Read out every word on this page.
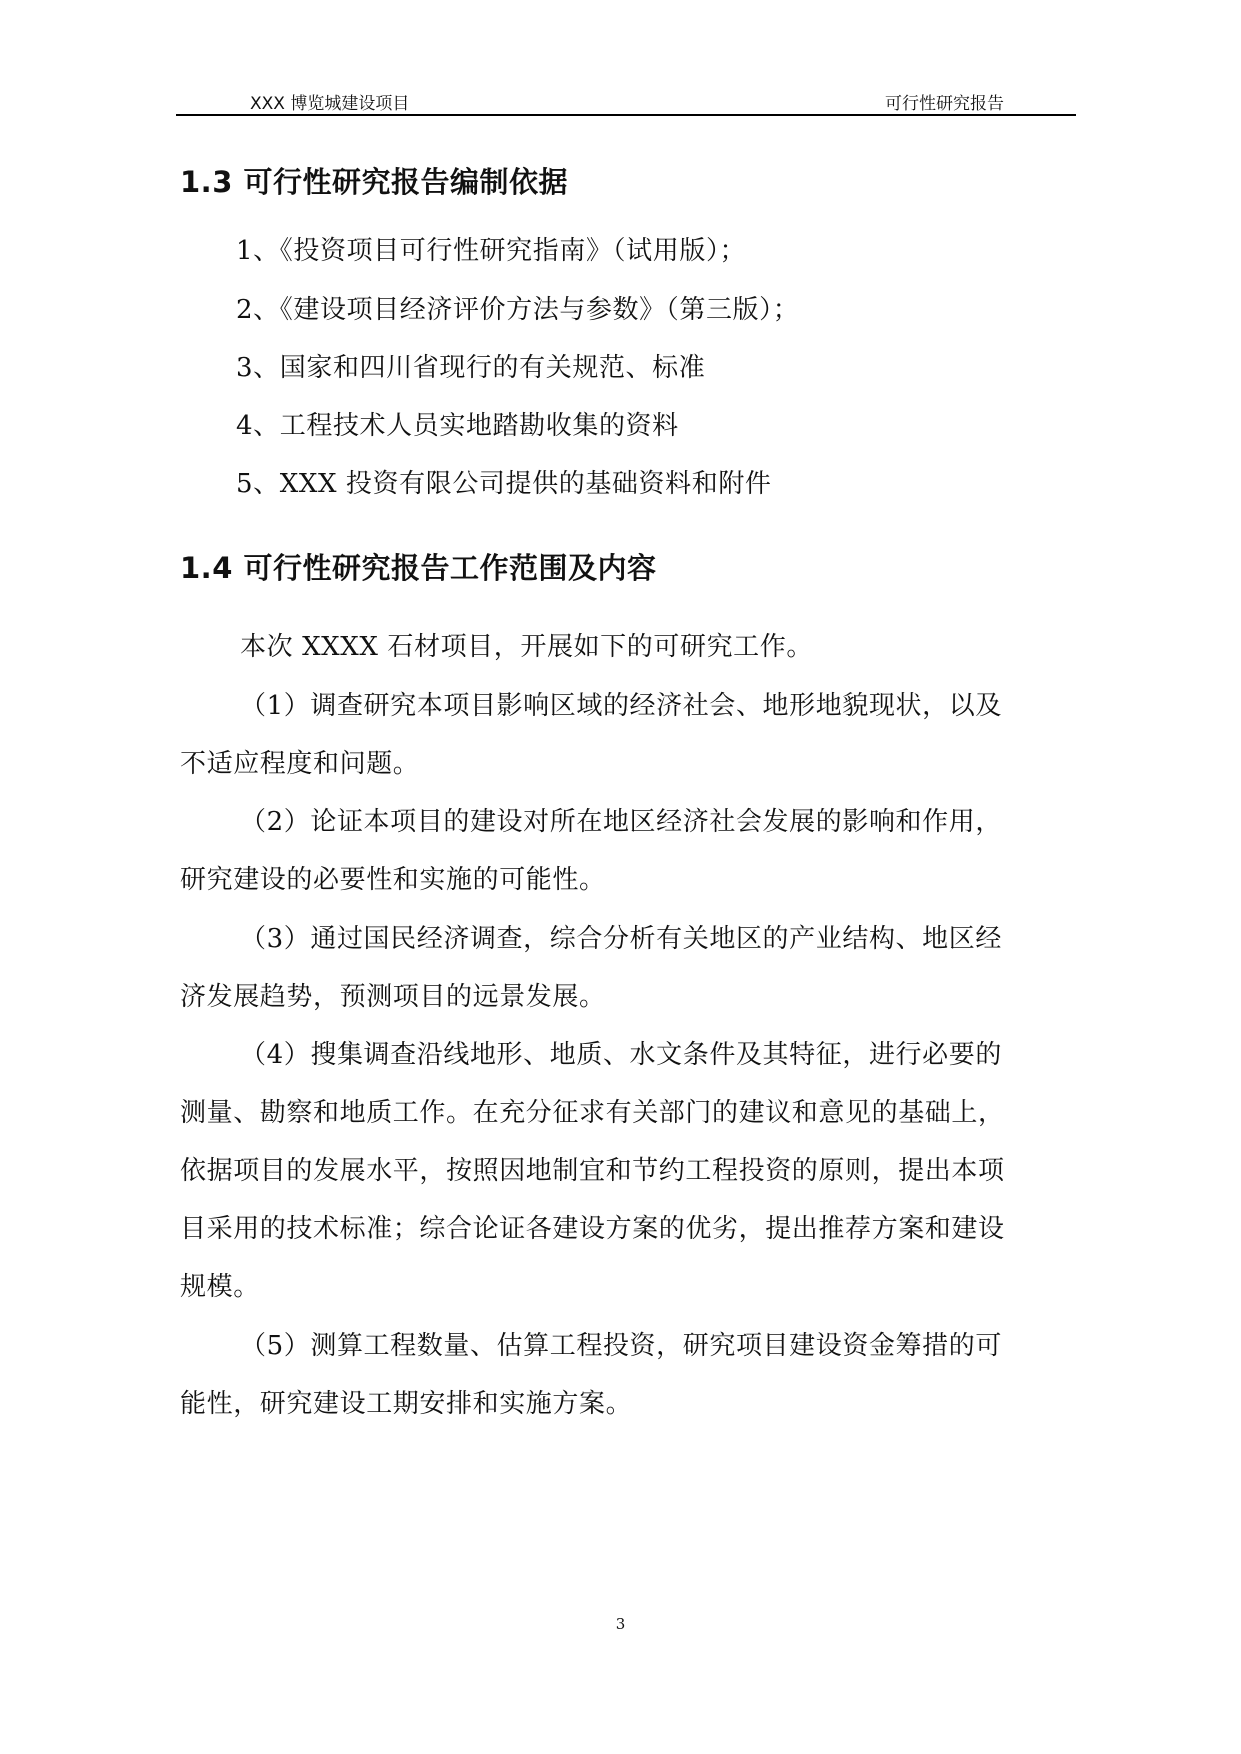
XXX 博览城建设项目	可行性研究报告
1.3 可行性研究报告编制依据
1、《投资项目可行性研究指南》（试用版）；
2、《建设项目经济评价方法与参数》（第三版）；
3、国家和四川省现行的有关规范、标准
4、工程技术人员实地踏勘收集的资料
5、XXX 投资有限公司提供的基础资料和附件
1.4 可行性研究报告工作范围及内容
本次 XXXX 石材项目，开展如下的可研究工作。
（1）调查研究本项目影响区域的经济社会、地形地貌现状，以及
不适应程度和问题。
（2）论证本项目的建设对所在地区经济社会发展的影响和作用，
研究建设的必要性和实施的可能性。
（3）通过国民经济调查，综合分析有关地区的产业结构、地区经
济发展趋势，预测项目的远景发展。
（4）搜集调查沿线地形、地质、水文条件及其特征，进行必要的
测量、勘察和地质工作。在充分征求有关部门的建议和意见的基础上，
依据项目的发展水平，按照因地制宜和节约工程投资的原则，提出本项
目采用的技术标准；综合论证各建设方案的优劣，提出推荐方案和建设
规模。
（5）测算工程数量、估算工程投资，研究项目建设资金筹措的可
能性，研究建设工期安排和实施方案。
3
